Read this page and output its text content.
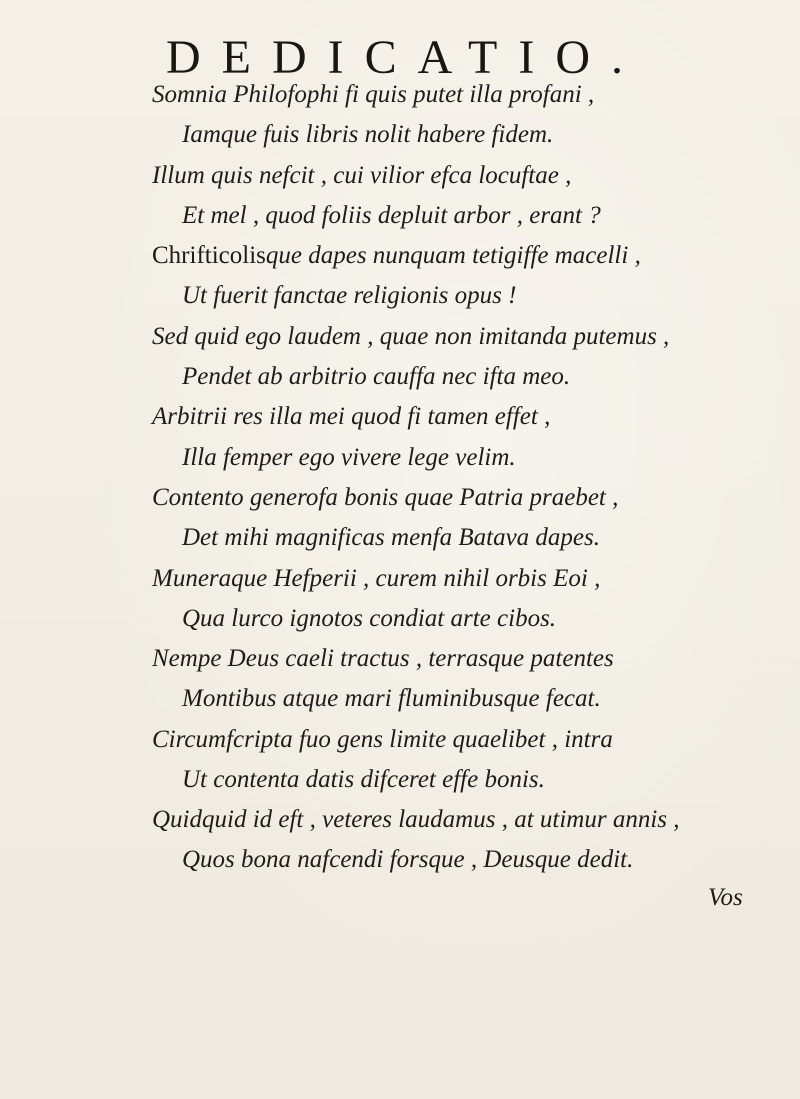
DEDICATIO.
Somnia Philofophi fi quis putet illa profani ,
Iamque fuis libris nolit habere fidem.
Illum quis nefcit , cui vilior efca locuftae ,
Et mel , quod foliis depluit arbor , erant ?
Chrifticolisque dapes nunquam tetigiffe macelli ,
Ut fuerit fanctae religionis opus !
Sed quid ego laudem , quae non imitanda putemus ,
Pendet ab arbitrio cauffa nec ifta meo.
Arbitrii res illa mei quod fi tamen effet ,
Illa femper ego vivere lege velim.
Contento generofa bonis quae Patria praebet ,
Det mihi magnificas menfa Batava dapes.
Muneraque Hefperii , curem nihil orbis Eoi ,
Qua lurco ignotos condiat arte cibos.
Nempe Deus caeli tractus , terrasque patentes
Montibus atque mari fluminibusque fecat.
Circumfcripta fuo gens limite quaelibet , intra
Ut contenta datis difceret effe bonis.
Quidquid id eft , veteres laudamus , at utimur annis ,
Quos bona nafcendi forsque , Deusque dedit.
Vos
